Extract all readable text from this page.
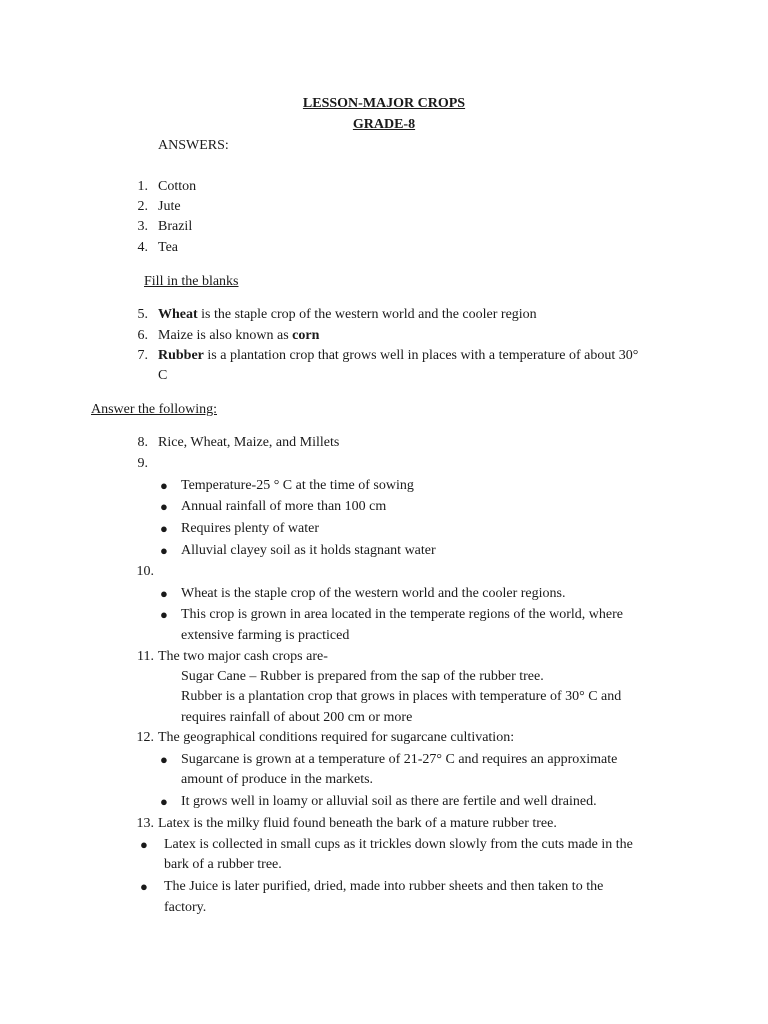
LESSON-MAJOR CROPS
GRADE-8
ANSWERS:
1. Cotton
2. Jute
3. Brazil
4. Tea
Fill in the blanks
5. Wheat is the staple crop of the western world and the cooler region
6. Maize is also known as corn
7. Rubber is a plantation crop that grows well in places with a temperature of about 30°
C
Answer the following:
8. Rice, Wheat, Maize, and Millets
9.
● Temperature-25 ° C at the time of sowing
● Annual rainfall of more than 100 cm
● Requires plenty of water
● Alluvial clayey soil as it holds stagnant water
10.
● Wheat is the staple crop of the western world and the cooler regions.
● This crop is grown in area located in the temperate regions of the world, where
extensive farming is practiced
11. The two major cash crops are-
Sugar Cane – Rubber is prepared from the sap of the rubber tree.
Rubber is a plantation crop that grows in places with temperature of 30° C and
requires rainfall of about 200 cm or more
12. The geographical conditions required for sugarcane cultivation:
● Sugarcane is grown at a temperature of 21-27° C and requires an approximate
amount of produce in the markets.
● It grows well in loamy or alluvial soil as there are fertile and well drained.
13. Latex is the milky fluid found beneath the bark of a mature rubber tree.
● Latex is collected in small cups as it trickles down slowly from the cuts made in the
bark of a rubber tree.
● The Juice is later purified, dried, made into rubber sheets and then taken to the
factory.
